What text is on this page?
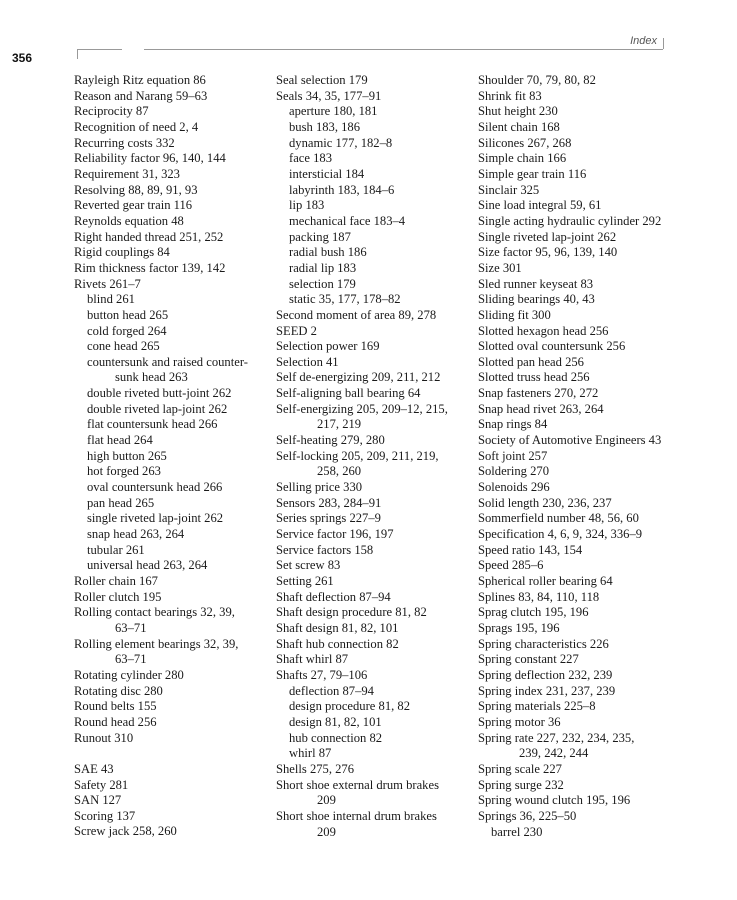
356
Index
Rayleigh Ritz equation 86
Reason and Narang 59–63
Reciprocity 87
Recognition of need 2, 4
Recurring costs 332
Reliability factor 96, 140, 144
Requirement 31, 323
Resolving 88, 89, 91, 93
Reverted gear train 116
Reynolds equation 48
Right handed thread 251, 252
Rigid couplings 84
Rim thickness factor 139, 142
Rivets 261–7
blind 261
button head 265
cold forged 264
cone head 265
countersunk and raised counter-
sunk head 263
double riveted butt-joint 262
double riveted lap-joint 262
flat countersunk head 266
flat head 264
high button 265
hot forged 263
oval countersunk head 266
pan head 265
single riveted lap-joint 262
snap head 263, 264
tubular 261
universal head 263, 264
Roller chain 167
Roller clutch 195
Rolling contact bearings 32, 39,
63–71
Rolling element bearings 32, 39,
63–71
Rotating cylinder 280
Rotating disc 280
Round belts 155
Round head 256
Runout 310
SAE 43
Safety 281
SAN 127
Scoring 137
Screw jack 258, 260
Seal selection 179
Seals 34, 35, 177–91
aperture 180, 181
bush 183, 186
dynamic 177, 182–8
face 183
intersticial 184
labyrinth 183, 184–6
lip 183
mechanical face 183–4
packing 187
radial bush 186
radial lip 183
selection 179
static 35, 177, 178–82
Second moment of area 89, 278
SEED 2
Selection power 169
Selection 41
Self de-energizing 209, 211, 212
Self-aligning ball bearing 64
Self-energizing 205, 209–12, 215,
217, 219
Self-heating 279, 280
Self-locking 205, 209, 211, 219,
258, 260
Selling price 330
Sensors 283, 284–91
Series springs 227–9
Service factor 196, 197
Service factors 158
Set screw 83
Setting 261
Shaft deflection 87–94
Shaft design procedure 81, 82
Shaft design 81, 82, 101
Shaft hub connection 82
Shaft whirl 87
Shafts 27, 79–106
deflection 87–94
design procedure 81, 82
design 81, 82, 101
hub connection 82
whirl 87
Shells 275, 276
Short shoe external drum brakes
209
Short shoe internal drum brakes
209
Shoulder 70, 79, 80, 82
Shrink fit 83
Shut height 230
Silent chain 168
Silicones 267, 268
Simple chain 166
Simple gear train 116
Sinclair 325
Sine load integral 59, 61
Single acting hydraulic cylinder 292
Single riveted lap-joint 262
Size factor 95, 96, 139, 140
Size 301
Sled runner keyseat 83
Sliding bearings 40, 43
Sliding fit 300
Slotted hexagon head 256
Slotted oval countersunk 256
Slotted pan head 256
Slotted truss head 256
Snap fasteners 270, 272
Snap head rivet 263, 264
Snap rings 84
Society of Automotive Engineers 43
Soft joint 257
Soldering 270
Solenoids 296
Solid length 230, 236, 237
Sommerfield number 48, 56, 60
Specification 4, 6, 9, 324, 336–9
Speed ratio 143, 154
Speed 285–6
Spherical roller bearing 64
Splines 83, 84, 110, 118
Sprag clutch 195, 196
Sprags 195, 196
Spring characteristics 226
Spring constant 227
Spring deflection 232, 239
Spring index 231, 237, 239
Spring materials 225–8
Spring motor 36
Spring rate 227, 232, 234, 235,
239, 242, 244
Spring scale 227
Spring surge 232
Spring wound clutch 195, 196
Springs 36, 225–50
barrel 230
